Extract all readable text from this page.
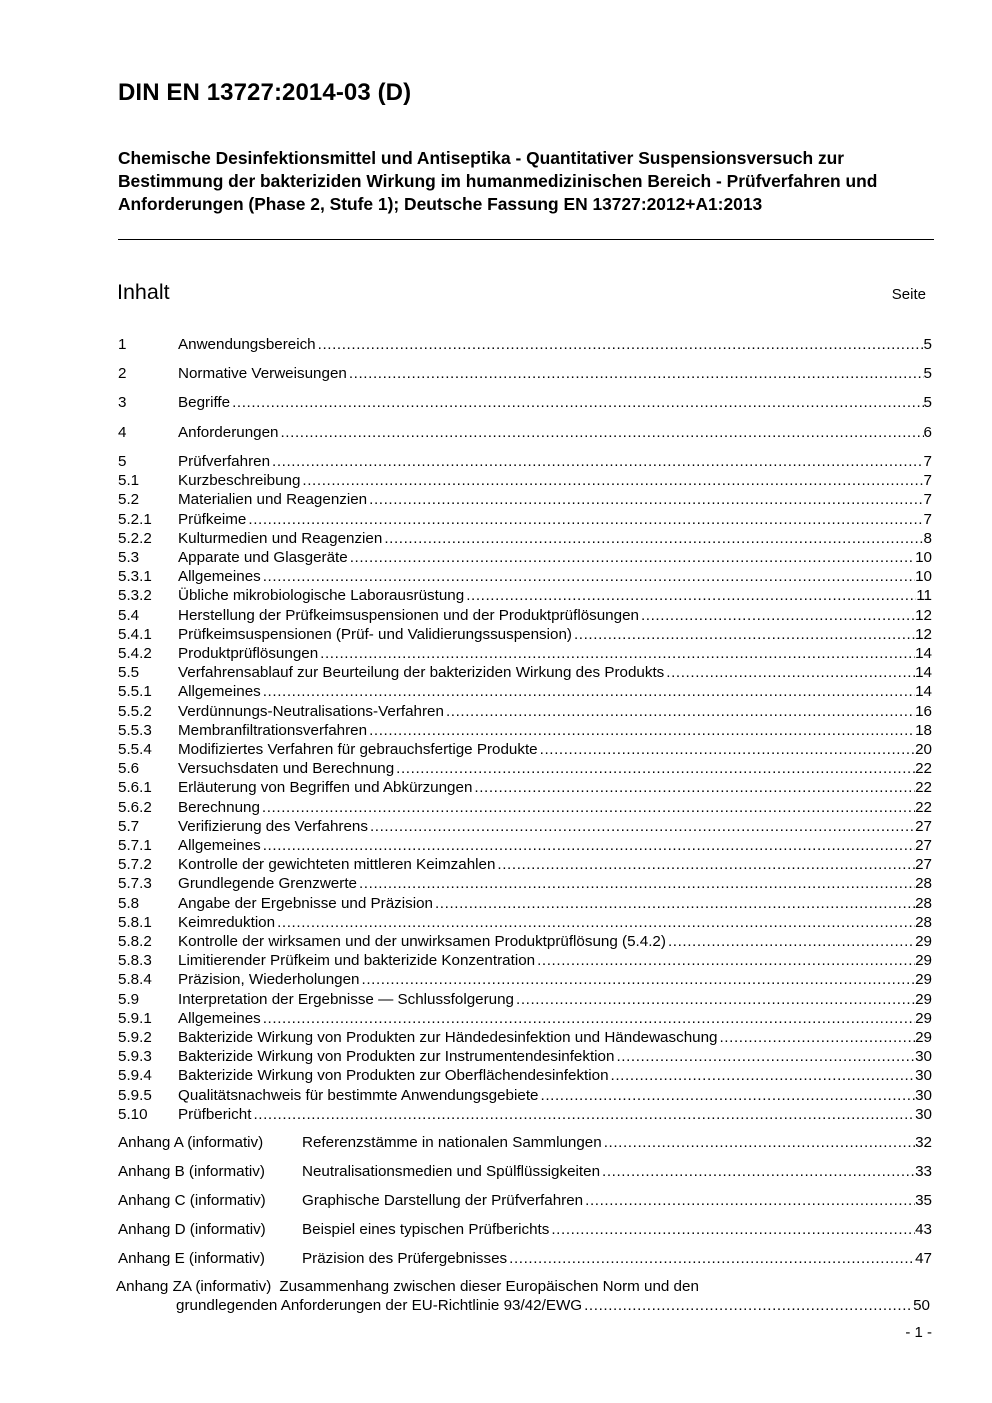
DIN EN 13727:2014-03 (D)
Chemische Desinfektionsmittel und Antiseptika - Quantitativer Suspensionsversuch zur Bestimmung der bakteriziden Wirkung im humanmedizinischen Bereich - Prüfverfahren und Anforderungen (Phase 2, Stufe 1); Deutsche Fassung EN 13727:2012+A1:2013
Inhalt	Seite
1	Anwendungsbereich .....	5
2	Normative Verweisungen .....	5
3	Begriffe .....	5
4	Anforderungen .....	6
5	Prüfverfahren .....	7
5.1	Kurzbeschreibung .....	7
5.2	Materialien und Reagenzien .....	7
5.2.1	Prüfkeime .....	7
5.2.2	Kulturmedien und Reagenzien .....	8
5.3	Apparate und Glasgeräte .....	10
5.3.1	Allgemeines .....	10
5.3.2	Übliche mikrobiologische Laborausrüstung .....	11
5.4	Herstellung der Prüfkeimsuspensionen und der Produktprüflösungen .....	12
5.4.1	Prüfkeimsuspensionen (Prüf- und Validierungssuspension) .....	12
5.4.2	Produktprüflösungen .....	14
5.5	Verfahrensablauf zur Beurteilung der bakteriziden Wirkung des Produkts .....	14
5.5.1	Allgemeines .....	14
5.5.2	Verdünnungs-Neutralisations-Verfahren .....	16
5.5.3	Membranfiltrationsverfahren .....	18
5.5.4	Modifiziertes Verfahren für gebrauchsfertige Produkte .....	20
5.6	Versuchsdaten und Berechnung .....	22
5.6.1	Erläuterung von Begriffen und Abkürzungen .....	22
5.6.2	Berechnung .....	22
5.7	Verifizierung des Verfahrens .....	27
5.7.1	Allgemeines .....	27
5.7.2	Kontrolle der gewichteten mittleren Keimzahlen .....	27
5.7.3	Grundlegende Grenzwerte .....	28
5.8	Angabe der Ergebnisse und Präzision .....	28
5.8.1	Keimreduktion .....	28
5.8.2	Kontrolle der wirksamen und der unwirksamen Produktprüflösung (5.4.2) .....	29
5.8.3	Limitierender Prüfkeim und bakterizide Konzentration .....	29
5.8.4	Präzision, Wiederholungen .....	29
5.9	Interpretation der Ergebnisse — Schlussfolgerung .....	29
5.9.1	Allgemeines .....	29
5.9.2	Bakterizide Wirkung von Produkten zur Händedesinfektion und Händewaschung .....	29
5.9.3	Bakterizide Wirkung von Produkten zur Instrumentendesinfektion .....	30
5.9.4	Bakterizide Wirkung von Produkten zur Oberflächendesinfektion .....	30
5.9.5	Qualitätsnachweis für bestimmte Anwendungsgebiete .....	30
5.10	Prüfbericht .....	30
Anhang A (informativ)	Referenzstämme in nationalen Sammlungen .....	32
Anhang B (informativ)	Neutralisationsmedien und Spülflüssigkeiten .....	33
Anhang C (informativ)	Graphische Darstellung der Prüfverfahren .....	35
Anhang D (informativ)	Beispiel eines typischen Prüfberichts .....	43
Anhang E (informativ)	Präzision des Prüfergebnisses .....	47
Anhang ZA (informativ) Zusammenhang zwischen dieser Europäischen Norm und den
grundlegenden Anforderungen der EU-Richtlinie 93/42/EWG .....	50
- 1 -
